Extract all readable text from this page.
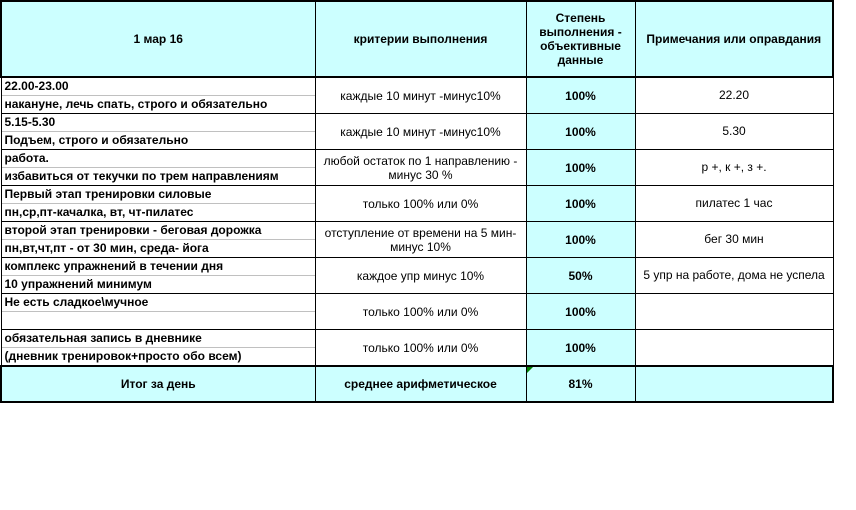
1 мар 16	критерии выполнения	Степень выполнения - объективные данные	Примечания или оправдания

22.00-23.00
накануне, лечь спать, строго и обязательно	каждые 10 минут -минус10%	100%	22.20

5.15-5.30
Подъем, строго и обязательно	каждые 10 минут -минус10%	100%	5.30

работа.
избавиться от текучки по трем направлениям	любой остаток по 1 направлению - минус 30 %	100%	р +, к +, з +.

Первый этап тренировки силовые
пн,ср,пт-качалка, вт, чт-пилатес	только 100% или 0%	100%	пилатес 1 час

второй этап тренировки - беговая дорожка
пн,вт,чт,пт - от 30 мин, среда- йога	отступление от времени на 5 мин- минус 10%	100%	бег 30 мин

комплекс упражнений в течении дня
10 упражнений минимум	каждое упр минус 10%	50%	5 упр на работе, дома не успела

Не есть сладкое\мучное	только 100% или 0%	100%	

обязательная запись в дневнике
(дневник тренировок+просто обо всем)	только 100% или 0%	100%	
Итог за день	среднее арифметическое	81%	
